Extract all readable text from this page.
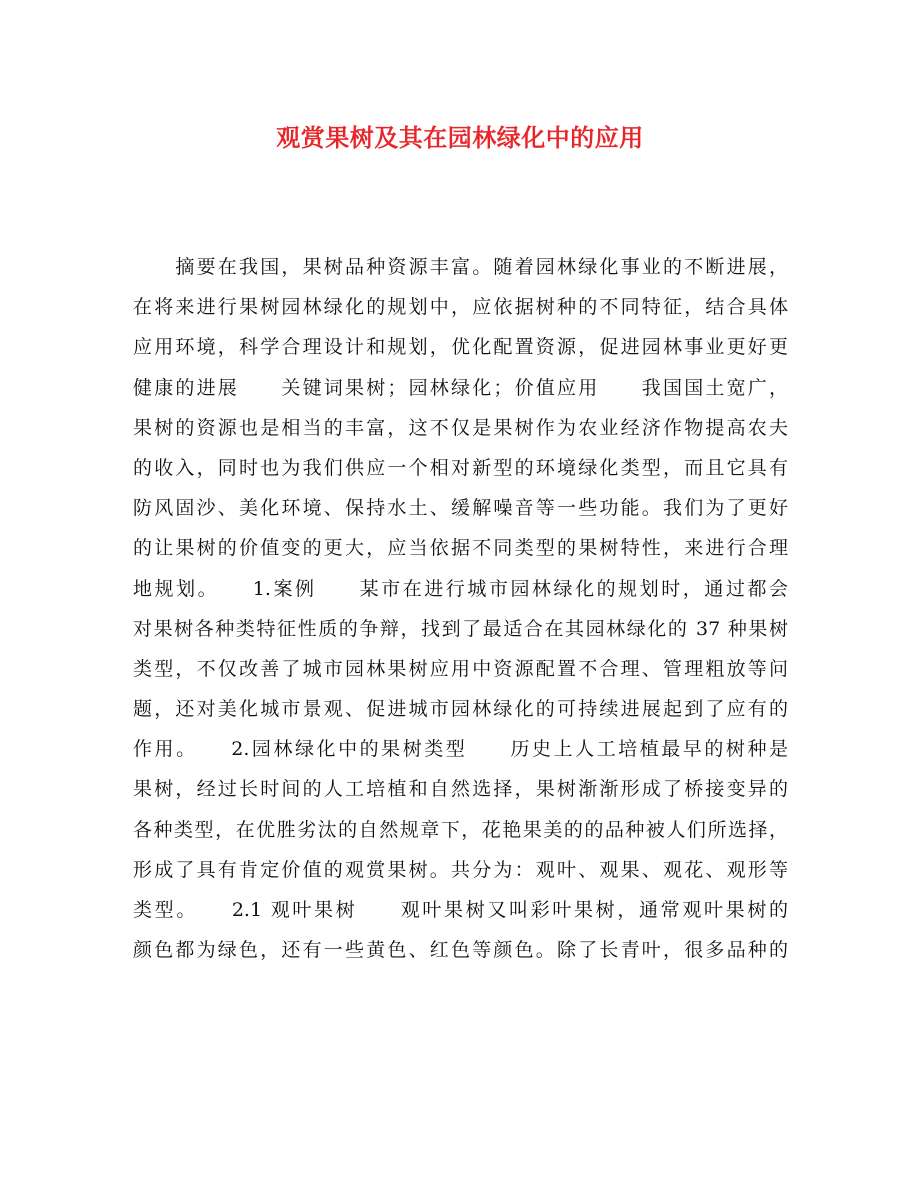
观赏果树及其在园林绿化中的应用
　　摘要在我国，果树品种资源丰富。随着园林绿化事业的不断进展，
在将来进行果树园林绿化的规划中，应依据树种的不同特征，结合具体
应用环境，科学合理设计和规划，优化配置资源，促进园林事业更好更
健康的进展　　关键词果树；园林绿化；价值应用　　我国国土宽广，
果树的资源也是相当的丰富，这不仅是果树作为农业经济作物提高农夫
的收入，同时也为我们供应一个相对新型的环境绿化类型，而且它具有
防风固沙、美化环境、保持水土、缓解噪音等一些功能。我们为了更好
的让果树的价值变的更大，应当依据不同类型的果树特性，来进行合理
地规划。　　1.案例　　某市在进行城市园林绿化的规划时，通过都会
对果树各种类特征性质的争辩，找到了最适合在其园林绿化的 37 种果树
类型，不仅改善了城市园林果树应用中资源配置不合理、管理粗放等问
题，还对美化城市景观、促进城市园林绿化的可持续进展起到了应有的
作用。　　2.园林绿化中的果树类型　　历史上人工培植最早的树种是
果树，经过长时间的人工培植和自然选择，果树渐渐形成了桥接变异的
各种类型，在优胜劣汰的自然规章下，花艳果美的的品种被人们所选择，
形成了具有肯定价值的观赏果树。共分为：观叶、观果、观花、观形等
类型。　　2.1 观叶果树　　观叶果树又叫彩叶果树，通常观叶果树的
颜色都为绿色，还有一些黄色、红色等颜色。除了长青叶，很多品种的
